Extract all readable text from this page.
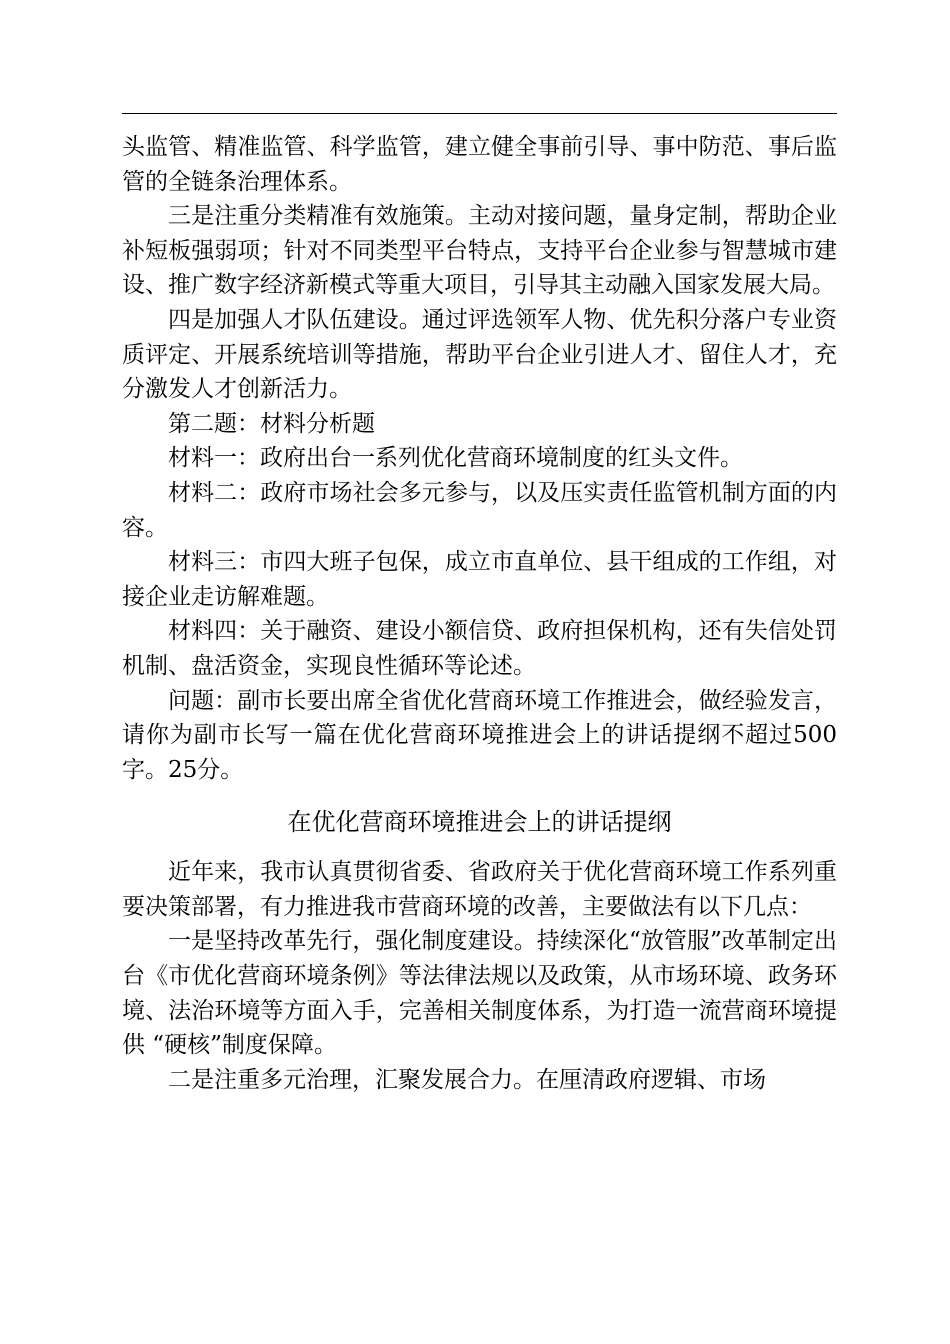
头监管、精准监管、科学监管，建立健全事前引导、事中防范、事后监管的全链条治理体系。

三是注重分类精准有效施策。主动对接问题，量身定制，帮助企业补短板强弱项；针对不同类型平台特点，支持平台企业参与智慧城市建设、推广数字经济新模式等重大项目，引导其主动融入国家发展大局。

四是加强人才队伍建设。通过评选领军人物、优先积分落户专业资质评定、开展系统培训等措施，帮助平台企业引进人才、留住人才，充分激发人才创新活力。

第二题：材料分析题

材料一：政府出台一系列优化营商环境制度的红头文件。

材料二：政府市场社会多元参与，以及压实责任监管机制方面的内容。

材料三：市四大班子包保，成立市直单位、县干组成的工作组，对接企业走访解难题。

材料四：关于融资、建设小额信贷、政府担保机构，还有失信处罚机制、盘活资金，实现良性循环等论述。

问题：副市长要出席全省优化营商环境工作推进会，做经验发言，请你为副市长写一篇在优化营商环境推进会上的讲话提纲不超过500字。25分。

在优化营商环境推进会上的讲话提纲

近年来，我市认真贯彻省委、省政府关于优化营商环境工作系列重要决策部署，有力推进我市营商环境的改善，主要做法有以下几点：

一是坚持改革先行，强化制度建设。持续深化“放管服”改革制定出台《市优化营商环境条例》等法律法规以及政策，从市场环境、政务环境、法治环境等方面入手，完善相关制度体系，为打造一流营商环境提供 “硬核”制度保障。

二是注重多元治理，汇聚发展合力。在厘清政府逻辑、市场
